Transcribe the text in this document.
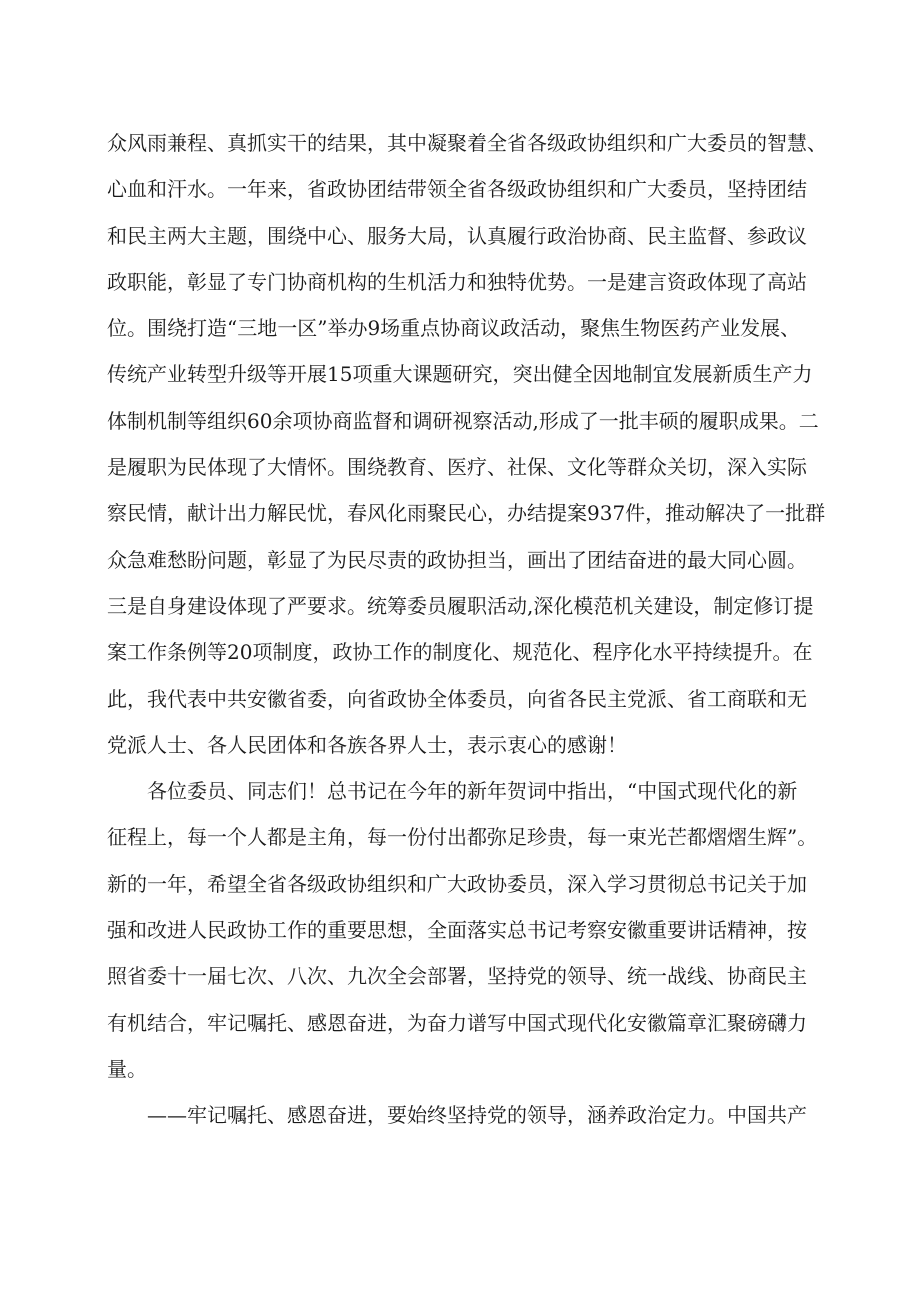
众风雨兼程、真抓实干的结果，其中凝聚着全省各级政协组织和广大委员的智慧、
心血和汗水。一年来，省政协团结带领全省各级政协组织和广大委员，坚持团结
和民主两大主题，围绕中心、服务大局，认真履行政治协商、民主监督、参政议
政职能，彰显了专门协商机构的生机活力和独特优势。一是建言资政体现了高站
位。围绕打造“三地一区”举办9场重点协商议政活动，聚焦生物医药产业发展、
传统产业转型升级等开展15项重大课题研究，突出健全因地制宜发展新质生产力
体制机制等组织60余项协商监督和调研视察活动,形成了一批丰硕的履职成果。二
是履职为民体现了大情怀。围绕教育、医疗、社保、文化等群众关切，深入实际
察民情，献计出力解民忧，春风化雨聚民心，办结提案937件，推动解决了一批群
众急难愁盼问题，彰显了为民尽责的政协担当，画出了团结奋进的最大同心圆。
三是自身建设体现了严要求。统筹委员履职活动,深化模范机关建设，制定修订提
案工作条例等20项制度，政协工作的制度化、规范化、程序化水平持续提升。在
此，我代表中共安徽省委，向省政协全体委员，向省各民主党派、省工商联和无
党派人士、各人民团体和各族各界人士，表示衷心的感谢！
各位委员、同志们！总书记在今年的新年贺词中指出，“中国式现代化的新
征程上，每一个人都是主角，每一份付出都弥足珍贵，每一束光芒都熠熠生辉”。
新的一年，希望全省各级政协组织和广大政协委员，深入学习贯彻总书记关于加
强和改进人民政协工作的重要思想，全面落实总书记考察安徽重要讲话精神，按
照省委十一届七次、八次、九次全会部署，坚持党的领导、统一战线、协商民主
有机结合，牢记嘱托、感恩奋进，为奋力谱写中国式现代化安徽篇章汇聚磅礴力
量。
——牢记嘱托、感恩奋进，要始终坚持党的领导，涵养政治定力。中国共产
